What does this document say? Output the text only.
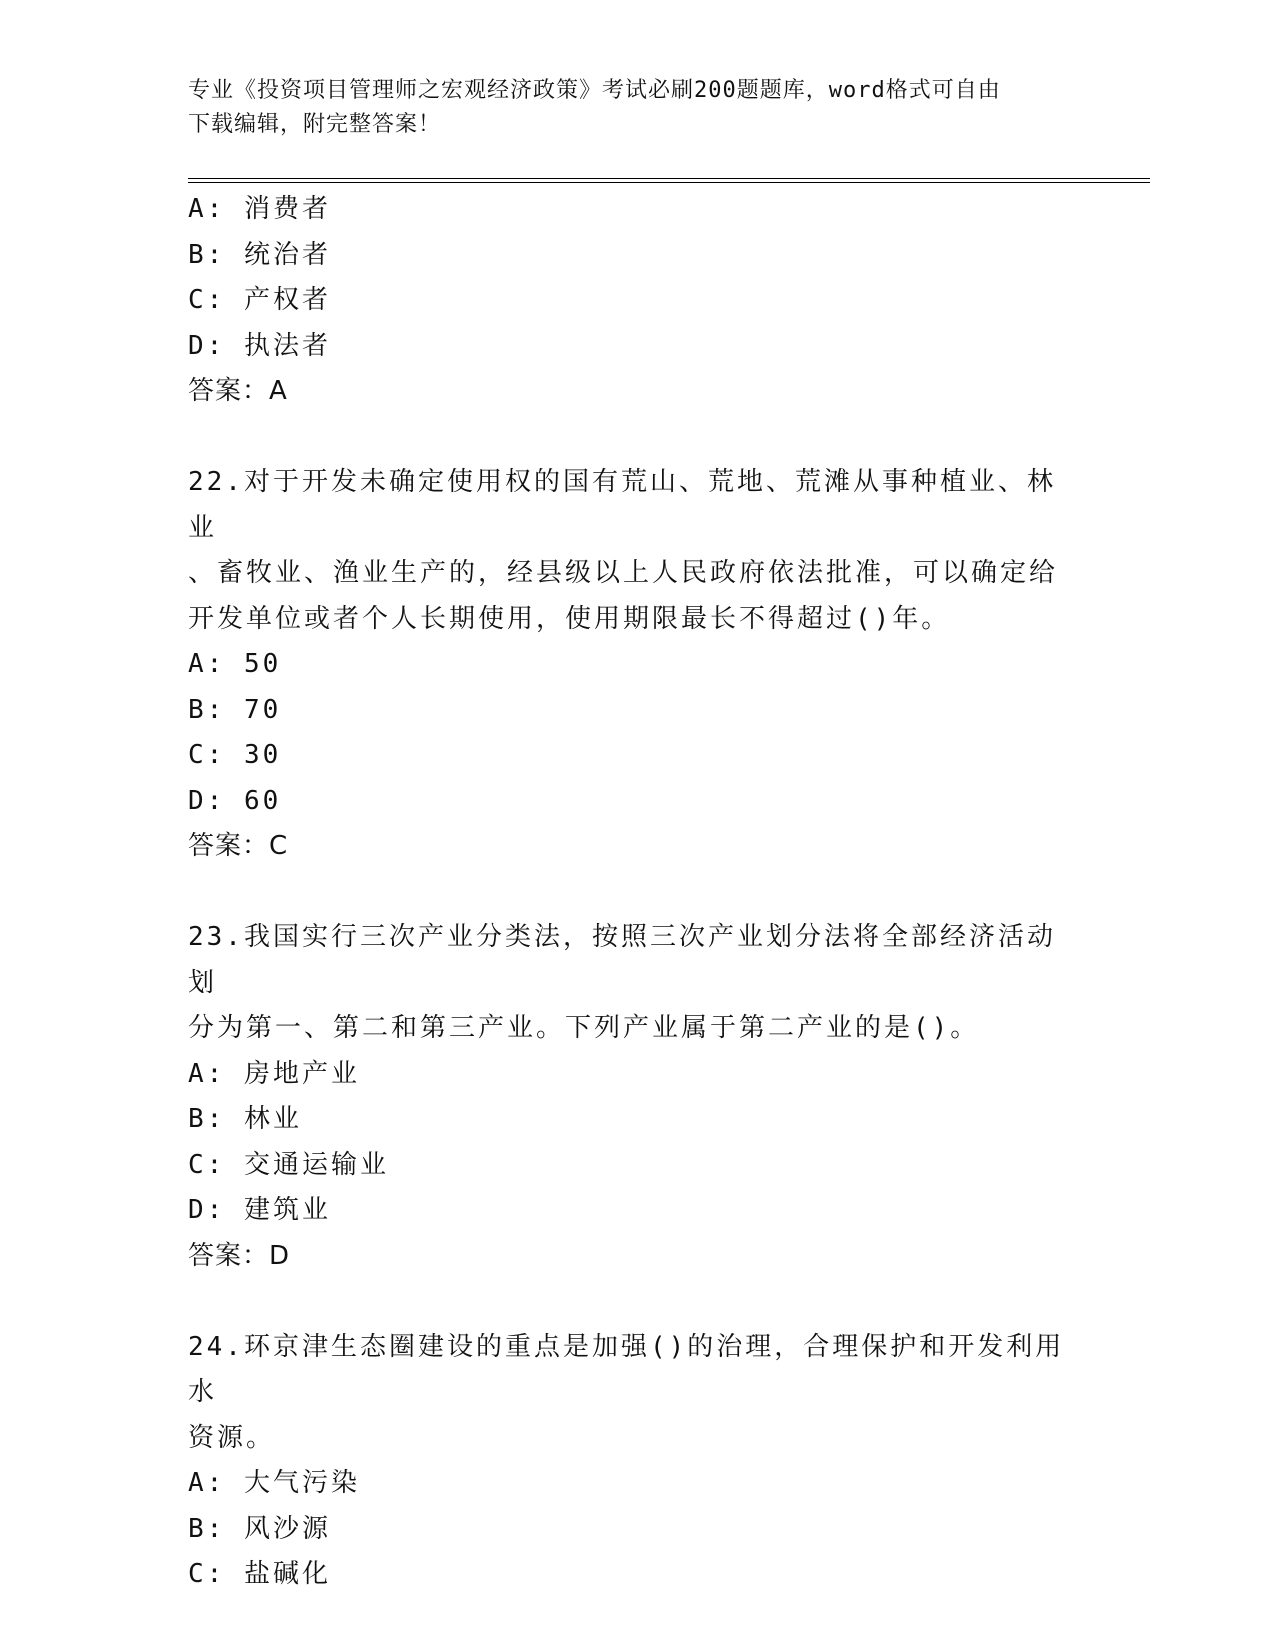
专业《投资项目管理师之宏观经济政策》考试必刷200题题库，word格式可自由
下载编辑，附完整答案！
A: 消费者
B: 统治者
C: 产权者
D: 执法者
答案：A
22.对于开发未确定使用权的国有荒山、荒地、荒滩从事种植业、林业
、畜牧业、渔业生产的，经县级以上人民政府依法批准，可以确定给
开发单位或者个人长期使用，使用期限最长不得超过()年。
A: 50
B: 70
C: 30
D: 60
答案：C
23.我国实行三次产业分类法，按照三次产业划分法将全部经济活动划
分为第一、第二和第三产业。下列产业属于第二产业的是()。
A: 房地产业
B: 林业
C: 交通运输业
D: 建筑业
答案：D
24.环京津生态圈建设的重点是加强()的治理，合理保护和开发利用水
资源。
A: 大气污染
B: 风沙源
C: 盐碱化
